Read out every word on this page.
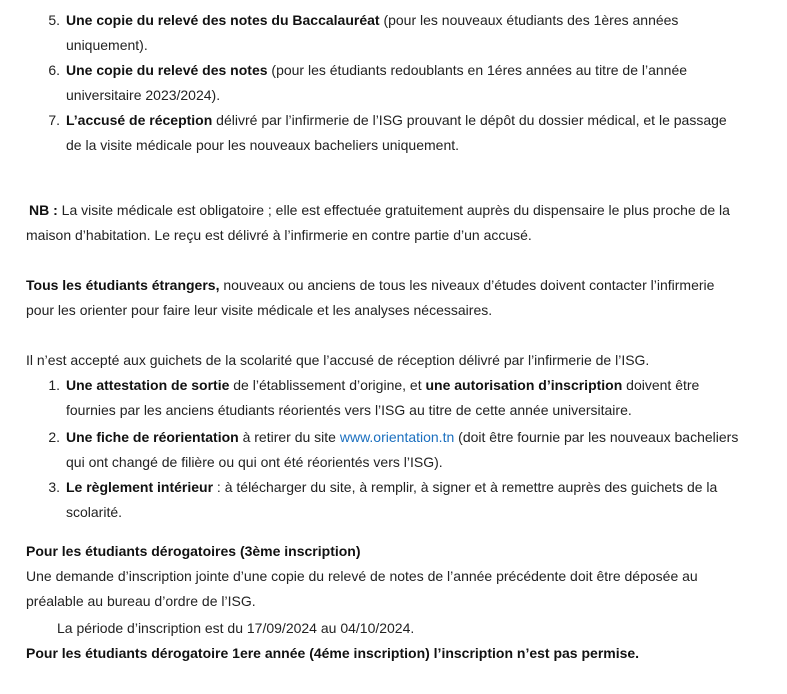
5. Une copie du relevé des notes du Baccalauréat (pour les nouveaux étudiants des 1ères années
uniquement).
6. Une copie du relevé des notes (pour les étudiants redoublants en 1éres années au titre de l’année
universitaire 2023/2024).
7. L’accusé de réception délivré par l’infirmerie de l’ISG prouvant le dépôt du dossier médical, et le passage
de la visite médicale pour les nouveaux bacheliers uniquement.
NB : La visite médicale est obligatoire ; elle est effectuée gratuitement auprès du dispensaire le plus proche de la
maison d’habitation. Le reçu est délivré à l’infirmerie en contre partie d’un accusé.
Tous les étudiants étrangers, nouveaux ou anciens de tous les niveaux d’études doivent contacter l’infirmerie
pour les orienter pour faire leur visite médicale et les analyses nécessaires.
Il n’est accepté aux guichets de la scolarité que l’accusé de réception délivré par l’infirmerie de l’ISG.
1. Une attestation de sortie de l’établissement d’origine, et une autorisation d’inscription doivent être
fournies par les anciens étudiants réorientés vers l’ISG au titre de cette année universitaire.
2. Une fiche de réorientation à retirer du site www.orientation.tn (doit être fournie par les nouveaux bacheliers
qui ont changé de filière ou qui ont été réorientés vers l’ISG).
3. Le règlement intérieur : à télécharger du site, à remplir, à signer et à remettre auprès des guichets de la
scolarité.
Pour les étudiants dérogatoires (3ème inscription)
Une demande d’inscription jointe d’une copie du relevé de notes de l’année précédente doit être déposée au
préalable au bureau d’ordre de l’ISG.
La période d’inscription est du 17/09/2024 au 04/10/2024.
Pour les étudiants dérogatoire 1ere année (4éme inscription) l’inscription n’est pas permise.
